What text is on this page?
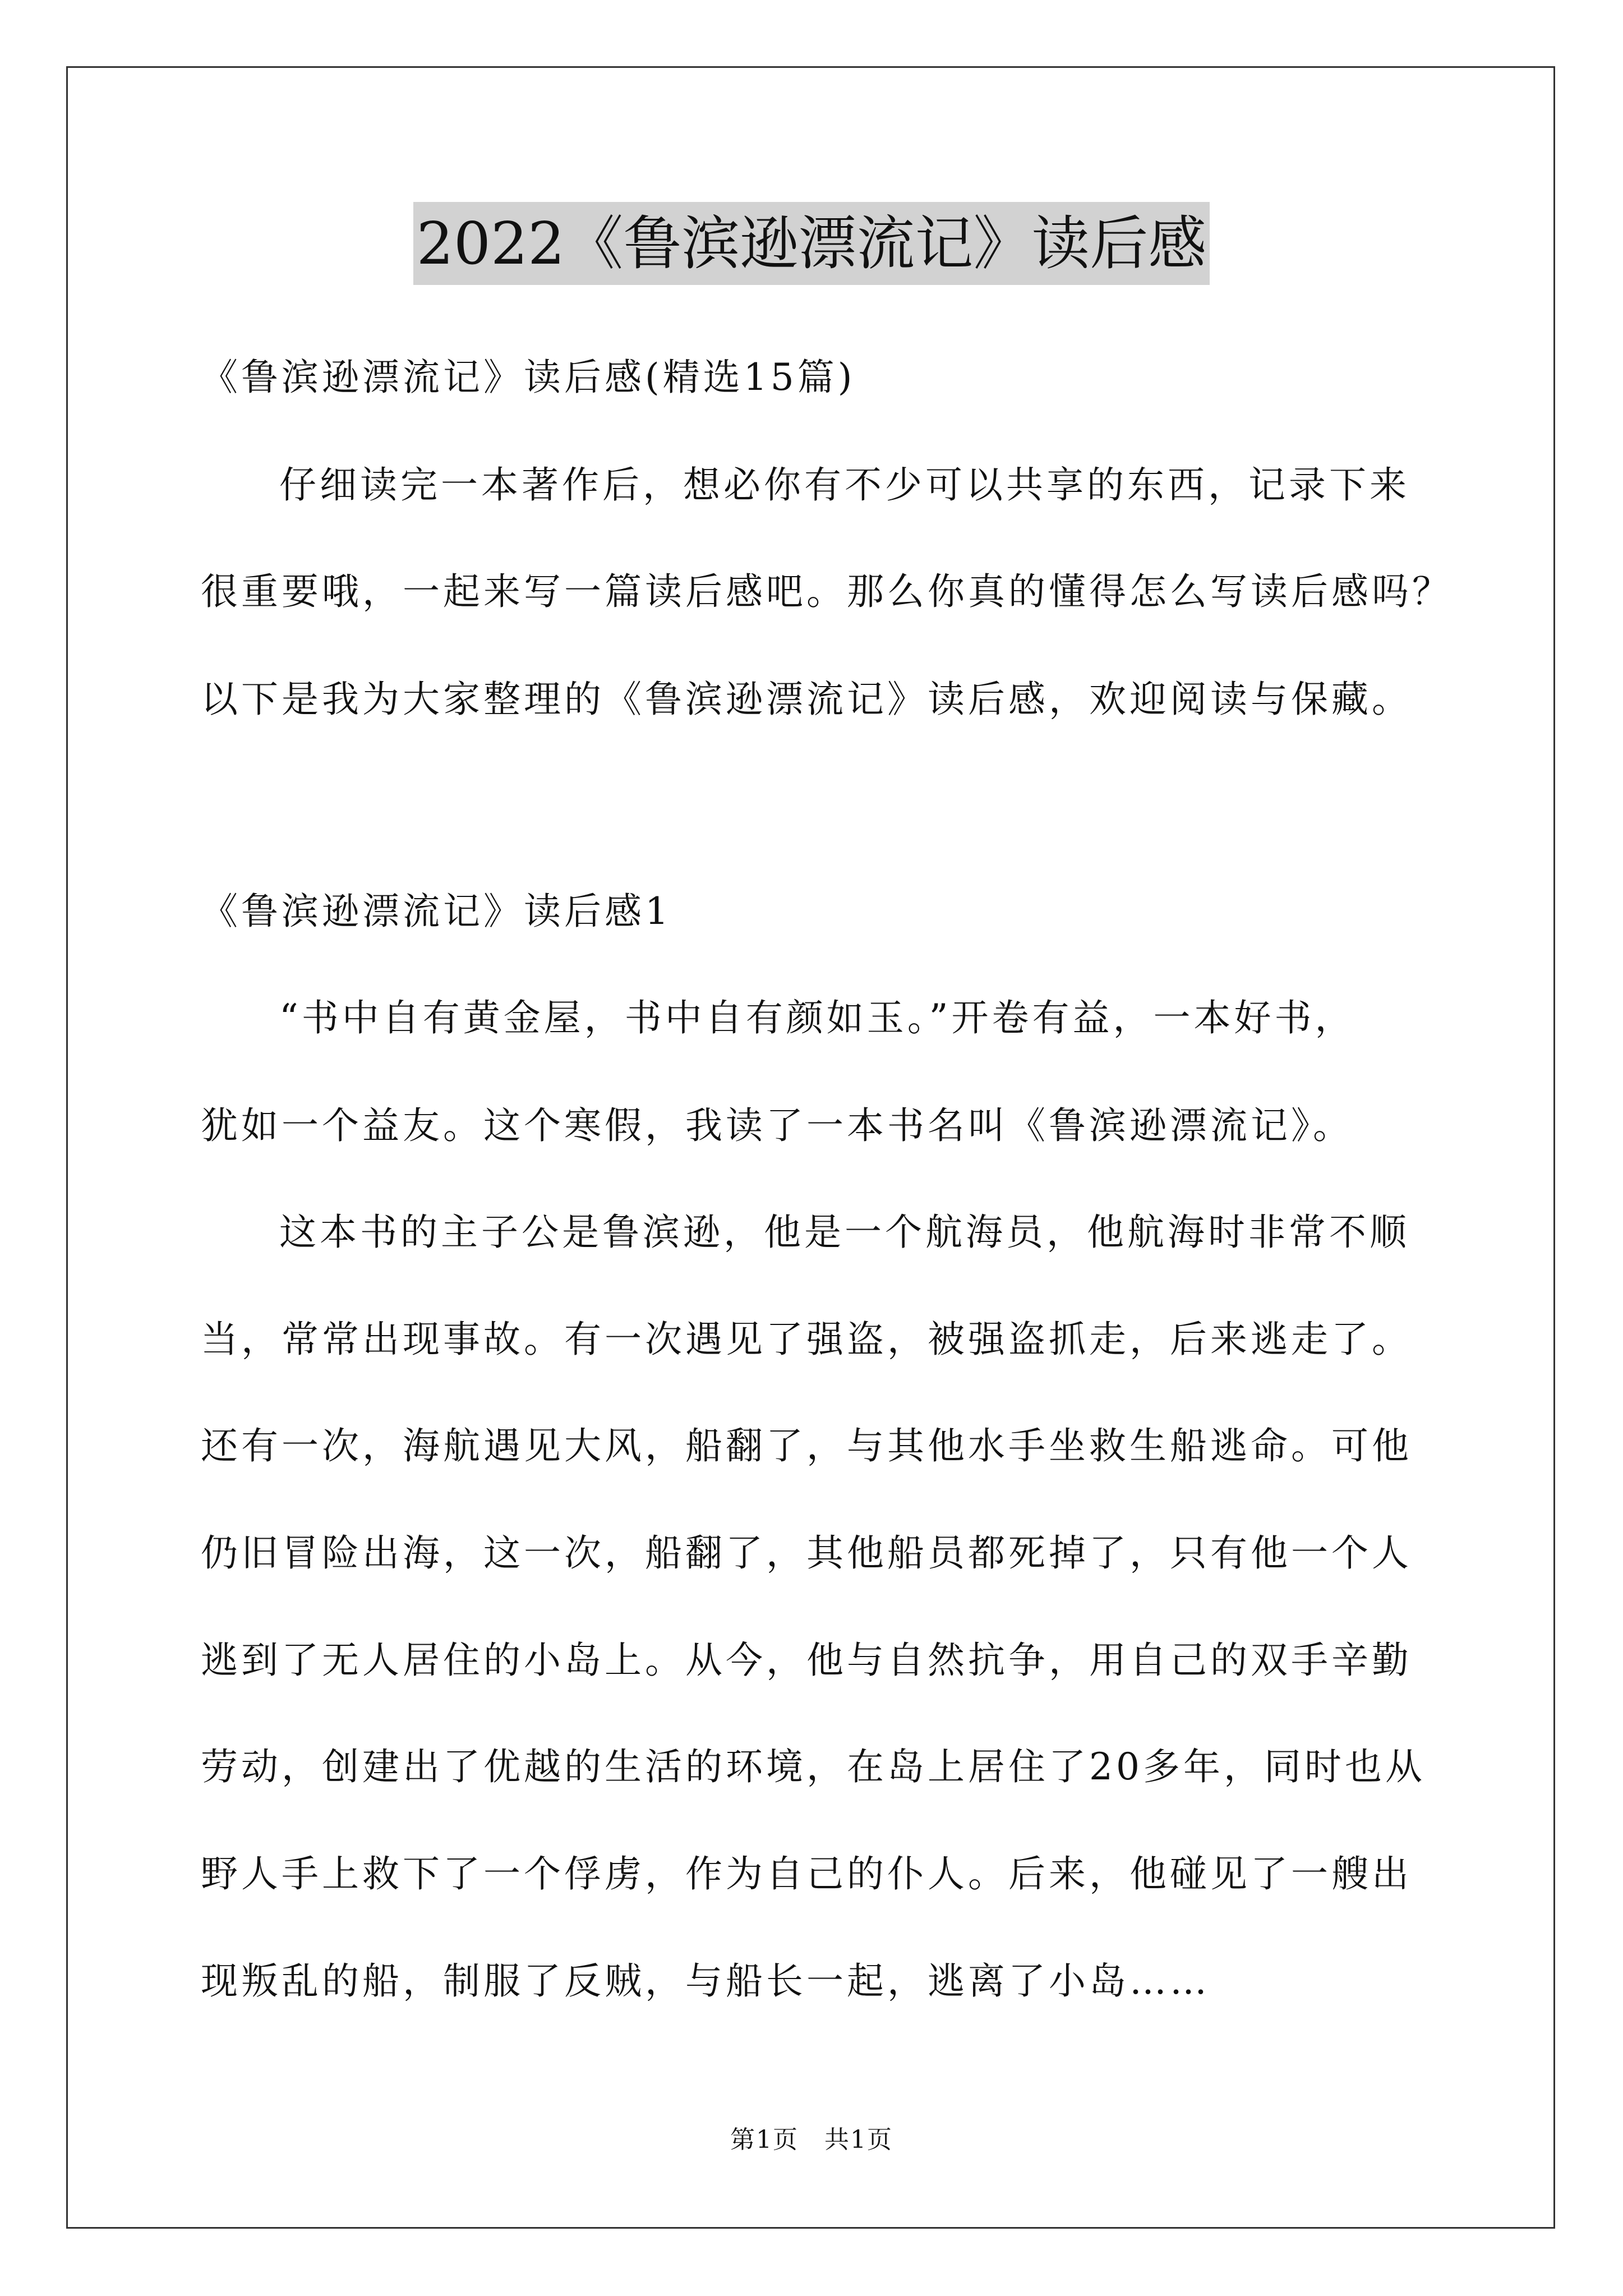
2022《鲁滨逊漂流记》读后感
《鲁滨逊漂流记》读后感(精选15篇)
仔细读完一本著作后，想必你有不少可以共享的东西，记录下来
很重要哦，一起来写一篇读后感吧。那么你真的懂得怎么写读后感吗？
以下是我为大家整理的《鲁滨逊漂流记》读后感，欢迎阅读与保藏。
《鲁滨逊漂流记》读后感1
“书中自有黄金屋，书中自有颜如玉。”开卷有益，一本好书，
犹如一个益友。这个寒假，我读了一本书名叫《鲁滨逊漂流记》。
这本书的主子公是鲁滨逊，他是一个航海员，他航海时非常不顺
当，常常出现事故。有一次遇见了强盗，被强盗抓走，后来逃走了。
还有一次，海航遇见大风，船翻了，与其他水手坐救生船逃命。可他
仍旧冒险出海，这一次，船翻了，其他船员都死掉了，只有他一个人
逃到了无人居住的小岛上。从今，他与自然抗争，用自己的双手辛勤
劳动，创建出了优越的生活的环境，在岛上居住了20多年，同时也从
野人手上救下了一个俘虏，作为自己的仆人。后来，他碰见了一艘出
现叛乱的船，制服了反贼，与船长一起，逃离了小岛……
第1页　共1页
